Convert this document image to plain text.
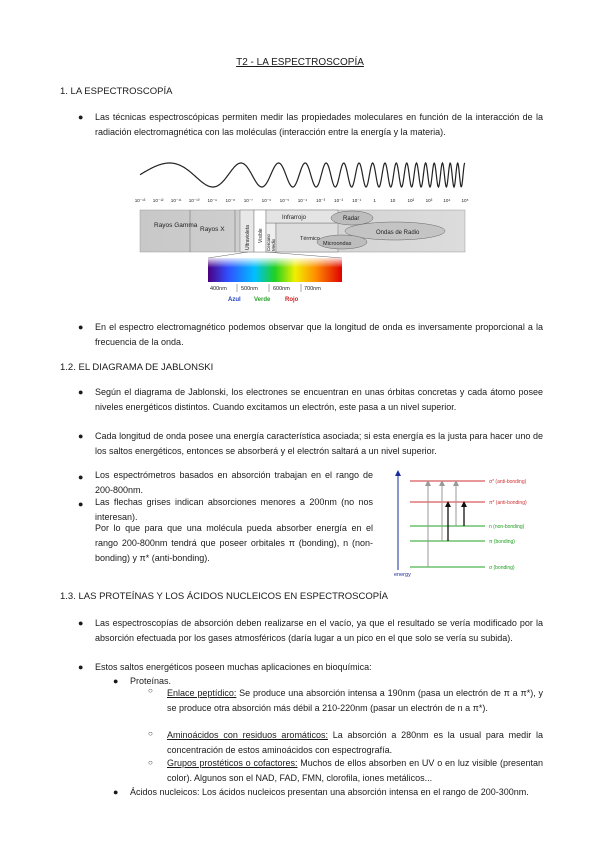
T2 - LA ESPECTROSCOPÍA
1. LA ESPECTROSCOPÍA
● Las técnicas espectroscópicas permiten medir las propiedades moleculares en función de la interacción de la radiación electromagnética con las moléculas (interacción entre la energía y la materia).
10⁻¹³ 10⁻¹² 10⁻¹¹ 10⁻¹⁰ 10⁻⁹ 10⁻⁸ 10⁻⁷ 10⁻⁶ 10⁻⁵ 10⁻⁴ 10⁻³ 10⁻² 10⁻¹	1	10	10² 10³ 10⁴ 10⁵
Rayos Gamma
Rayos X	Ultravioleta Visible Cercano Medio
Infrarrojo
Térmico
Radar
Ondas de Radio
Microondas
400nm	500nm	600nm	700nm
Azul Verde Rojo
● En el espectro electromagnético podemos observar que la longitud de onda es inversamente proporcional a la frecuencia de la onda.
1.2. EL DIAGRAMA DE JABLONSKI
● Según el diagrama de Jablonski, los electrones se encuentran en unas órbitas concretas y cada átomo posee niveles energéticos distintos. Cuando excitamos un electrón, este pasa a un nivel superior.
● Cada longitud de onda posee una energía característica asociada; si esta energía es la justa para hacer uno de los saltos energéticos, entonces se absorberá y el electrón saltará a un nivel superior.
● Los espectrómetros basados en absorción trabajan en el rango de 200-800nm.
● Las flechas grises indican absorciones menores a 200nm (no nos interesan).
Por lo que para que una molécula pueda absorber energía en el rango 200-800nm tendrá que poseer orbitales π (bonding), n (non-bonding) y π* (anti-bonding).
energy
σ* (anti-bonding)
π* (anti-bonding)
n (non-bonding)
π (bonding)
σ (bonding)
1.3. LAS PROTEÍNAS Y LOS ÁCIDOS NUCLEICOS EN ESPECTROSCOPÍA
● Las espectroscopías de absorción deben realizarse en el vacío, ya que el resultado se vería modificado por la absorción efectuada por los gases atmosféricos (daría lugar a un pico en el que solo se vería su subida).
● Estos saltos energéticos poseen muchas aplicaciones en bioquímica:
● Proteínas.
○ Enlace peptídico: Se produce una absorción intensa a 190nm (pasa un electrón de π a π*), y se produce otra absorción más débil a 210-220nm (pasar un electrón de n a π*).
○ Aminoácidos con residuos aromáticos: La absorción a 280nm es la usual para medir la concentración de estos aminoácidos con espectrografía.
○ Grupos prostéticos o cofactores: Muchos de ellos absorben en UV o en luz visible (presentan color). Algunos son el NAD, FAD, FMN, clorofila, iones metálicos...
● Ácidos nucleicos: Los ácidos nucleicos presentan una absorción intensa en el rango de 200-300nm.
